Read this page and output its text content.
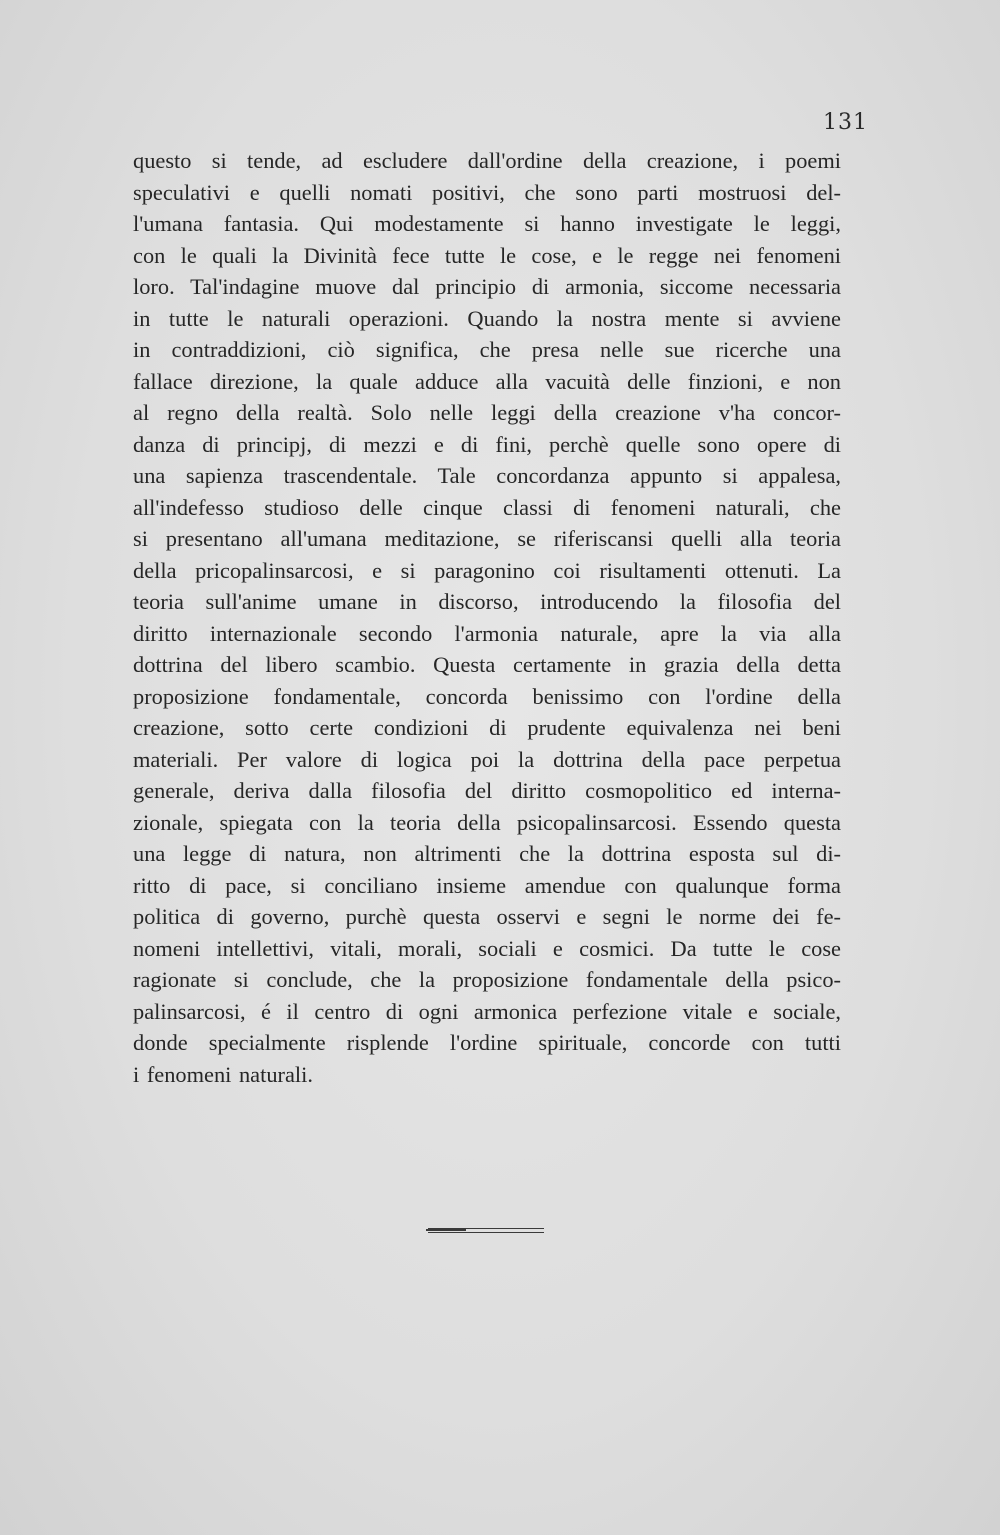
131
questo si tende, ad escludere dall'ordine della creazione, i poemi
speculativi e quelli nomati positivi, che sono parti mostruosi del-
l'umana fantasia. Qui modestamente si hanno investigate le leggi,
con le quali la Divinità fece tutte le cose, e le regge nei fenomeni
loro. Tal'indagine muove dal principio di armonia, siccome necessaria
in tutte le naturali operazioni. Quando la nostra mente si avviene
in contraddizioni, ciò significa, che presa nelle sue ricerche una
fallace direzione, la quale adduce alla vacuità delle finzioni, e non
al regno della realtà. Solo nelle leggi della creazione v'ha concor-
danza di principj, di mezzi e di fini, perchè quelle sono opere di
una sapienza trascendentale. Tale concordanza appunto si appalesa,
all'indefesso studioso delle cinque classi di fenomeni naturali, che
si presentano all'umana meditazione, se riferiscansi quelli alla teoria
della pricopalinsarcosi, e si paragonino coi risultamenti ottenuti. La
teoria sull'anime umane in discorso, introducendo la filosofia del
diritto internazionale secondo l'armonia naturale, apre la via alla
dottrina del libero scambio. Questa certamente in grazia della detta
proposizione fondamentale, concorda benissimo con l'ordine della
creazione, sotto certe condizioni di prudente equivalenza nei beni
materiali. Per valore di logica poi la dottrina della pace perpetua
generale, deriva dalla filosofia del diritto cosmopolitico ed interna-
zionale, spiegata con la teoria della psicopalinsarcosi. Essendo questa
una legge di natura, non altrimenti che la dottrina esposta sul di-
ritto di pace, si conciliano insieme amendue con qualunque forma
politica di governo, purchè questa osservi e segni le norme dei fe-
nomeni intellettivi, vitali, morali, sociali e cosmici. Da tutte le cose
ragionate si conclude, che la proposizione fondamentale della psico-
palinsarcosi, é il centro di ogni armonica perfezione vitale e sociale,
donde specialmente risplende l'ordine spirituale, concorde con tutti
i fenomeni naturali.
